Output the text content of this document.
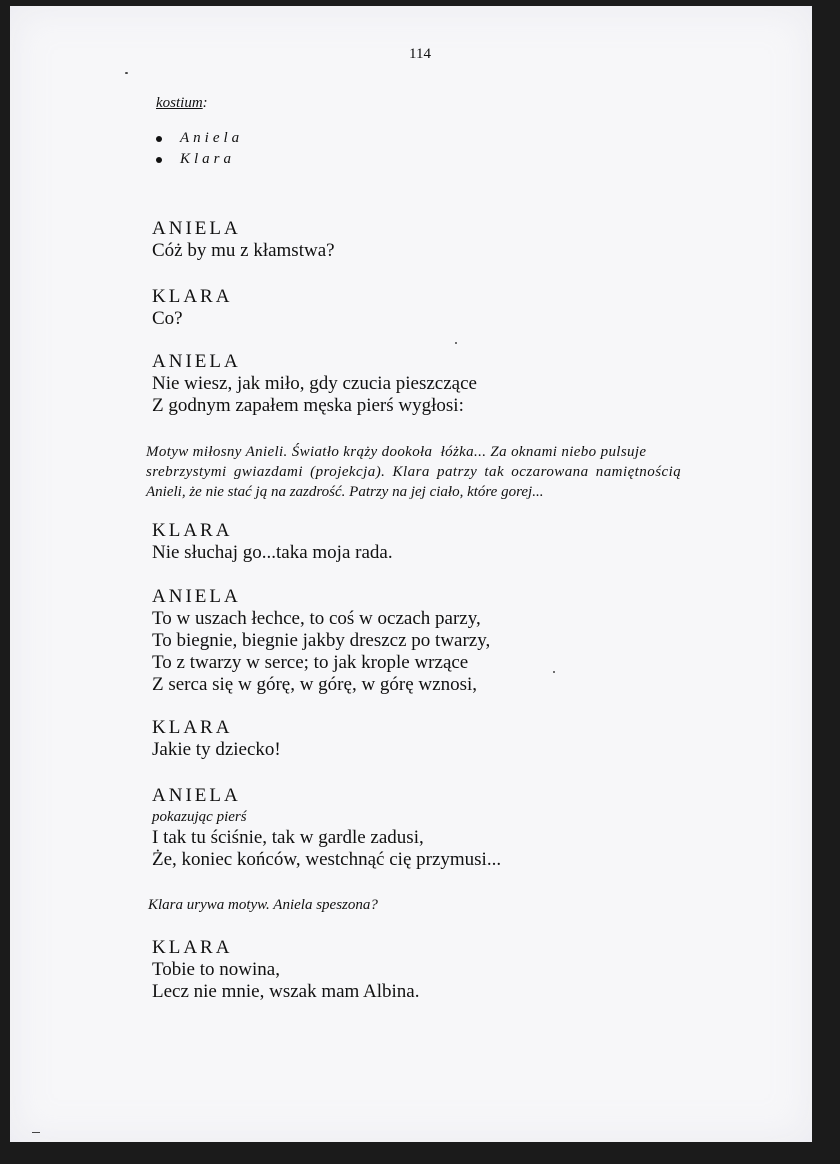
114

kostium:

Aniela
Klara
ANIELA
Cóż by mu z kłamstwa?
KLARA
Co?
ANIELA
Nie wiesz, jak miło, gdy czucia pieszczące
Z godnym zapałem męska pierś wygłosi:
Motyw miłosny Anieli. Światło krąży dookoła  łóżka... Za oknami niebo pulsuje
srebrzystymi gwiazdami (projekcja). Klara patrzy tak oczarowana namiętnością
Anieli, że nie stać ją na zazdrość. Patrzy na jej ciało, które gorej...
KLARA
Nie słuchaj go...taka moja rada.
ANIELA
To w uszach łechce, to coś w oczach parzy,
To biegnie, biegnie jakby dreszcz po twarzy,
To z twarzy w serce; to jak krople wrzące
Z serca się w górę, w górę, w górę wznosi,
KLARA
Jakie ty dziecko!
ANIELA
pokazując pierś
I tak tu ściśnie, tak w gardle zadusi,
Że, koniec końców, westchnąć cię przymusi...
Klara urywa motyw. Aniela speszona?
KLARA
Tobie to nowina,
Lecz nie mnie, wszak mam Albina.
